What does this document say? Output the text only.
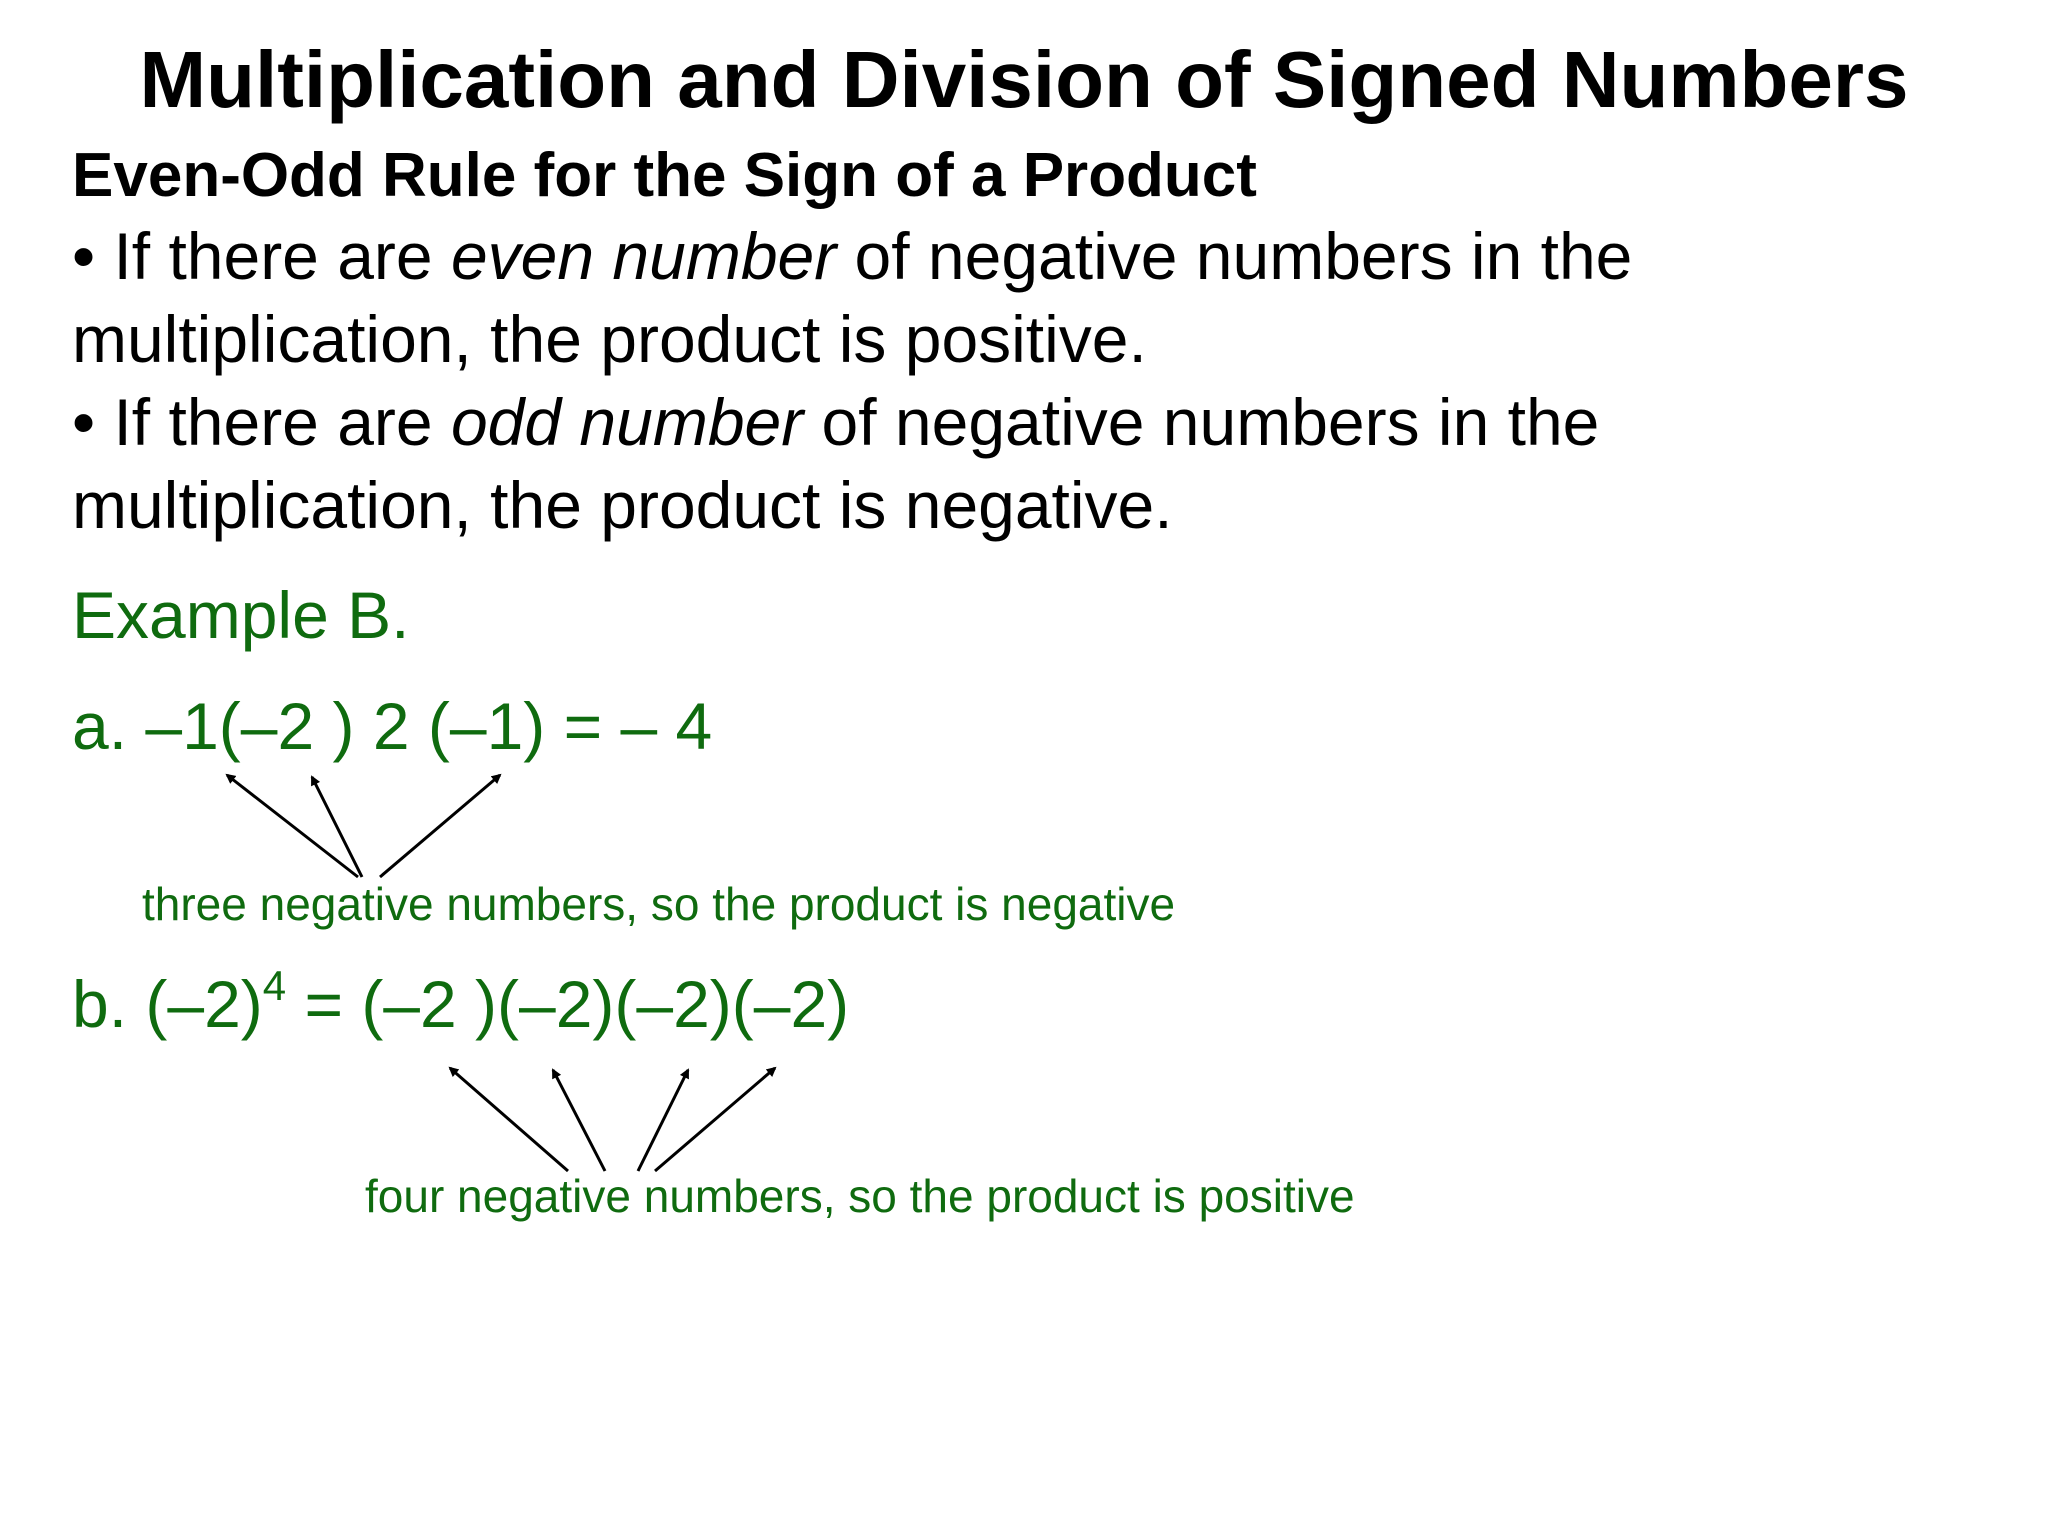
Multiplication and Division of Signed Numbers
Even-Odd Rule for the Sign of a Product
• If there are even number of negative numbers in the
multiplication, the product is positive.
• If there are odd number of negative numbers in the
multiplication, the product is negative.
Example B.
a. –1(–2 ) 2 (–1) = – 4
three negative numbers, so the product is negative
b. $(-2)^4 = (-2$ )(–2)(–2)(–2)
four negative numbers, so the product is positive
